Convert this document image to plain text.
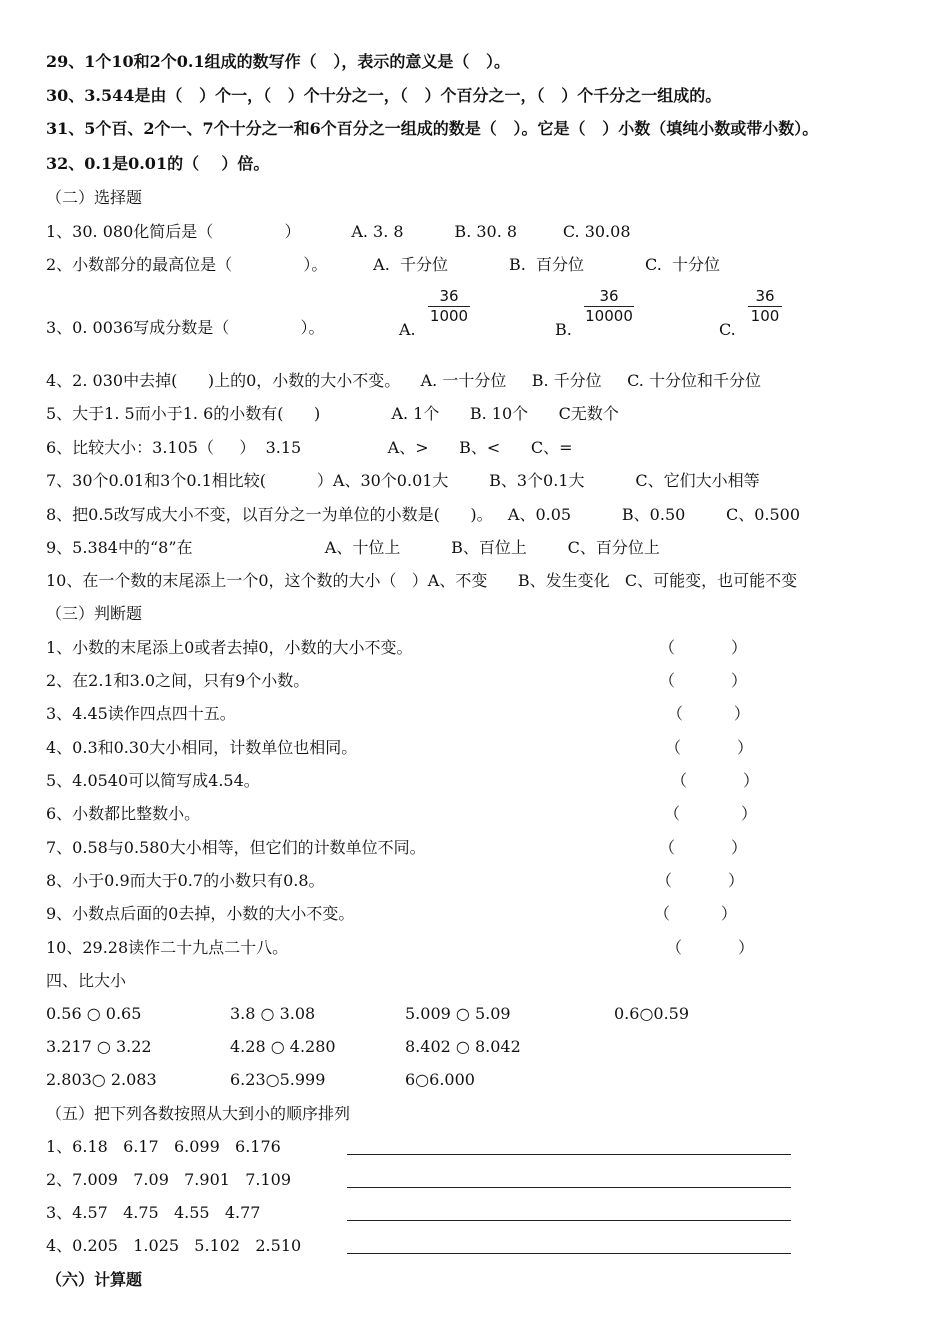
29、1个10和2个0.1组成的数写作（   ），表示的意义是（   ）。
30、3.544是由（   ）个一，（   ）个十分之一，（   ）个百分之一，（   ）个千分之一组成的。
31、5个百、2个一、7个十分之一和6个百分之一组成的数是（   ）。它是（   ）小数（填纯小数或带小数）。
32、0.1是0.01的（    ）倍。
（二）选择题
1、30. 080化简后是（              ）          A. 3. 8          B. 30. 8         C. 30.08
2、小数部分的最高位是（              ）。         A.  千分位            B.  百分位            C.  十分位
3、0. 0036写成分数是（              ）。	A.
36
1000
B.
36
10000
C.
36
100
4、2. 030中去掉(      )上的0，小数的大小不变。    A. 一十分位     B. 千分位     C. 十分位和千分位
5、大于1. 5而小于1. 6的小数有(      )              A. 1个      B. 10个      C无数个
6、比较大小：3.105（     ）  3.15                 A、>      B、<      C、=
7、30个0.01和3个0.1相比较(          ）A、30个0.01大        B、3个0.1大          C、它们大小相等
8、把0.5改写成大小不变，以百分之一为单位的小数是(      )。   A、0.05          B、0.50        C、0.500
9、5.384中的“8”在                          A、十位上          B、百位上        C、百分位上
10、在一个数的末尾添上一个0，这个数的大小（   ）A、不变      B、发生变化   C、可能变，也可能不变
（三）判断题
1、小数的末尾添上0或者去掉0，小数的大小不变。	（           ）
2、在2.1和3.0之间，只有9个小数。	（           ）
3、4.45读作四点四十五。	（          ）
4、0.3和0.30大小相同，计数单位也相同。	（           ）
5、4.0540可以简写成4.54。	（           ）
6、小数都比整数小。	（            ）
7、0.58与0.580大小相等，但它们的计数单位不同。	（           ）
8、小于0.9而大于0.7的小数只有0.8。	（           ）
9、小数点后面的0去掉，小数的大小不变。	（          ）
10、29.28读作二十九点二十八。	（           ）
四、比大小
0.56 ○ 0.65	3.8 ○ 3.08	5.009 ○ 5.09	0.6○0.59
3.217 ○ 3.22	4.28 ○ 4.280	8.402 ○ 8.042
2.803○ 2.083	6.23○5.999	6○6.000
（五）把下列各数按照从大到小的顺序排列
1、6.18   6.17   6.099   6.176
2、7.009   7.09   7.901   7.109
3、4.57   4.75   4.55   4.77
4、0.205   1.025   5.102   2.510
（六）计算题
